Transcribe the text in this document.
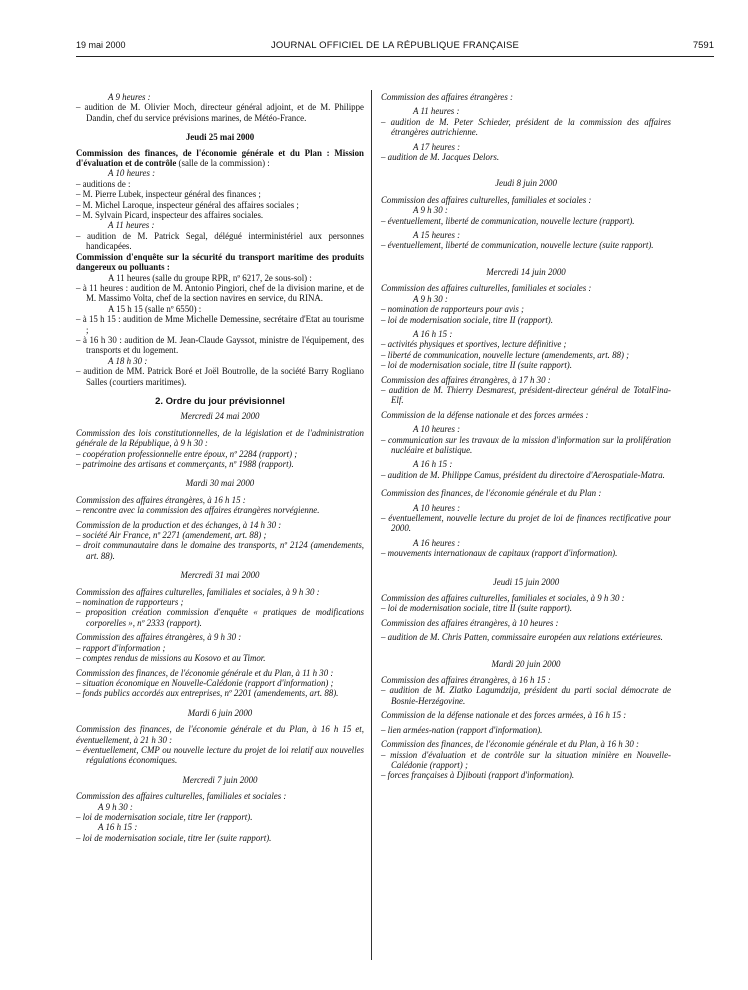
19 mai 2000	JOURNAL OFFICIEL DE LA RÉPUBLIQUE FRANÇAISE	7591

A 9 heures :

– audition de M. Olivier Moch, directeur général adjoint, et de M. Philippe Dandin, chef du service prévisions marines, de Météo-France.

Jeudi 25 mai 2000

Commission des finances, de l'économie générale et du Plan : Mission d'évaluation et de contrôle (salle de la commission) :

A 10 heures :

– auditions de :

– M. Pierre Lubek, inspecteur général des finances ;

– M. Michel Laroque, inspecteur général des affaires sociales ;

– M. Sylvain Picard, inspecteur des affaires sociales.

A 11 heures :

– audition de M. Patrick Segal, délégué interministériel aux personnes handicapées.

Commission d'enquête sur la sécurité du transport maritime des produits dangereux ou polluants :

A 11 heures (salle du groupe RPR, nº 6217, 2e sous-sol) :

– à 11 heures : audition de M. Antonio Pingiori, chef de la division marine, et de M. Massimo Volta, chef de la section navires en service, du RINA.

A 15 h 15 (salle nº 6550) :

– à 15 h 15 : audition de Mme Michelle Demessine, secrétaire d'Etat au tourisme ;

– à 16 h 30 : audition de M. Jean-Claude Gayssot, ministre de l'équipement, des transports et du logement.

A 18 h 30 :

– audition de MM. Patrick Boré et Joël Boutrolle, de la société Barry Rogliano Salles (courtiers maritimes).

2. Ordre du jour prévisionnel

Mercredi 24 mai 2000

Commission des lois constitutionnelles, de la législation et de l'administration générale de la République, à 9 h 30 :

– coopération professionnelle entre époux, nº 2284 (rapport) ;

– patrimoine des artisans et commerçants, nº 1988 (rapport).

Mardi 30 mai 2000

Commission des affaires étrangères, à 16 h 15 :

– rencontre avec la commission des affaires étrangères norvégienne.

Commission de la production et des échanges, à 14 h 30 :

– société Air France, nº 2271 (amendement, art. 88) ;

– droit communautaire dans le domaine des transports, nº 2124 (amendements, art. 88).

Mercredi 31 mai 2000

Commission des affaires culturelles, familiales et sociales, à 9 h 30 :

– nomination de rapporteurs ;

– proposition création commission d'enquête « pratiques de modifications corporelles », nº 2333 (rapport).

Commission des affaires étrangères, à 9 h 30 :

– rapport d'information ;

– comptes rendus de missions au Kosovo et au Timor.

Commission des finances, de l'économie générale et du Plan, à 11 h 30 :

– situation économique en Nouvelle-Calédonie (rapport d'information) ;

– fonds publics accordés aux entreprises, nº 2201 (amendements, art. 88).

Mardi 6 juin 2000

Commission des finances, de l'économie générale et du Plan, à 16 h 15 et, éventuellement, à 21 h 30 :

– éventuellement, CMP ou nouvelle lecture du projet de loi relatif aux nouvelles régulations économiques.

Mercredi 7 juin 2000

Commission des affaires culturelles, familiales et sociales :

A 9 h 30 :

– loi de modernisation sociale, titre Ier (rapport).

A 16 h 15 :

– loi de modernisation sociale, titre Ier (suite rapport).

Commission des affaires étrangères :

A 11 heures :

– audition de M. Peter Schieder, président de la commission des affaires étrangères autrichienne.

A 17 heures :

– audition de M. Jacques Delors.

Jeudi 8 juin 2000

Commission des affaires culturelles, familiales et sociales :

A 9 h 30 :

– éventuellement, liberté de communication, nouvelle lecture (rapport).

A 15 heures :

– éventuellement, liberté de communication, nouvelle lecture (suite rapport).

Mercredi 14 juin 2000

Commission des affaires culturelles, familiales et sociales :

A 9 h 30 :

– nomination de rapporteurs pour avis ;

– loi de modernisation sociale, titre II (rapport).

A 16 h 15 :

– activités physiques et sportives, lecture définitive ;

– liberté de communication, nouvelle lecture (amendements, art. 88) ;

– loi de modernisation sociale, titre II (suite rapport).

Commission des affaires étrangères, à 17 h 30 :

– audition de M. Thierry Desmarest, président-directeur général de TotalFina-Elf.

Commission de la défense nationale et des forces armées :

A 10 heures :

– communication sur les travaux de la mission d'information sur la prolifération nucléaire et balistique.

A 16 h 15 :

– audition de M. Philippe Camus, président du directoire d'Aerospatiale-Matra.

Commission des finances, de l'économie générale et du Plan :

A 10 heures :

– éventuellement, nouvelle lecture du projet de loi de finances rectificative pour 2000.

A 16 heures :

– mouvements internationaux de capitaux (rapport d'information).

Jeudi 15 juin 2000

Commission des affaires culturelles, familiales et sociales, à 9 h 30 :

– loi de modernisation sociale, titre II (suite rapport).

Commission des affaires étrangères, à 10 heures :

– audition de M. Chris Patten, commissaire européen aux relations extérieures.

Mardi 20 juin 2000

Commission des affaires étrangères, à 16 h 15 :

– audition de M. Zlatko Lagumdzija, président du parti social démocrate de Bosnie-Herzégovine.

Commission de la défense nationale et des forces armées, à 16 h 15 :

– lien armées-nation (rapport d'information).

Commission des finances, de l'économie générale et du Plan, à 16 h 30 :

– mission d'évaluation et de contrôle sur la situation minière en Nouvelle-Calédonie (rapport) ;

– forces françaises à Djibouti (rapport d'information).
